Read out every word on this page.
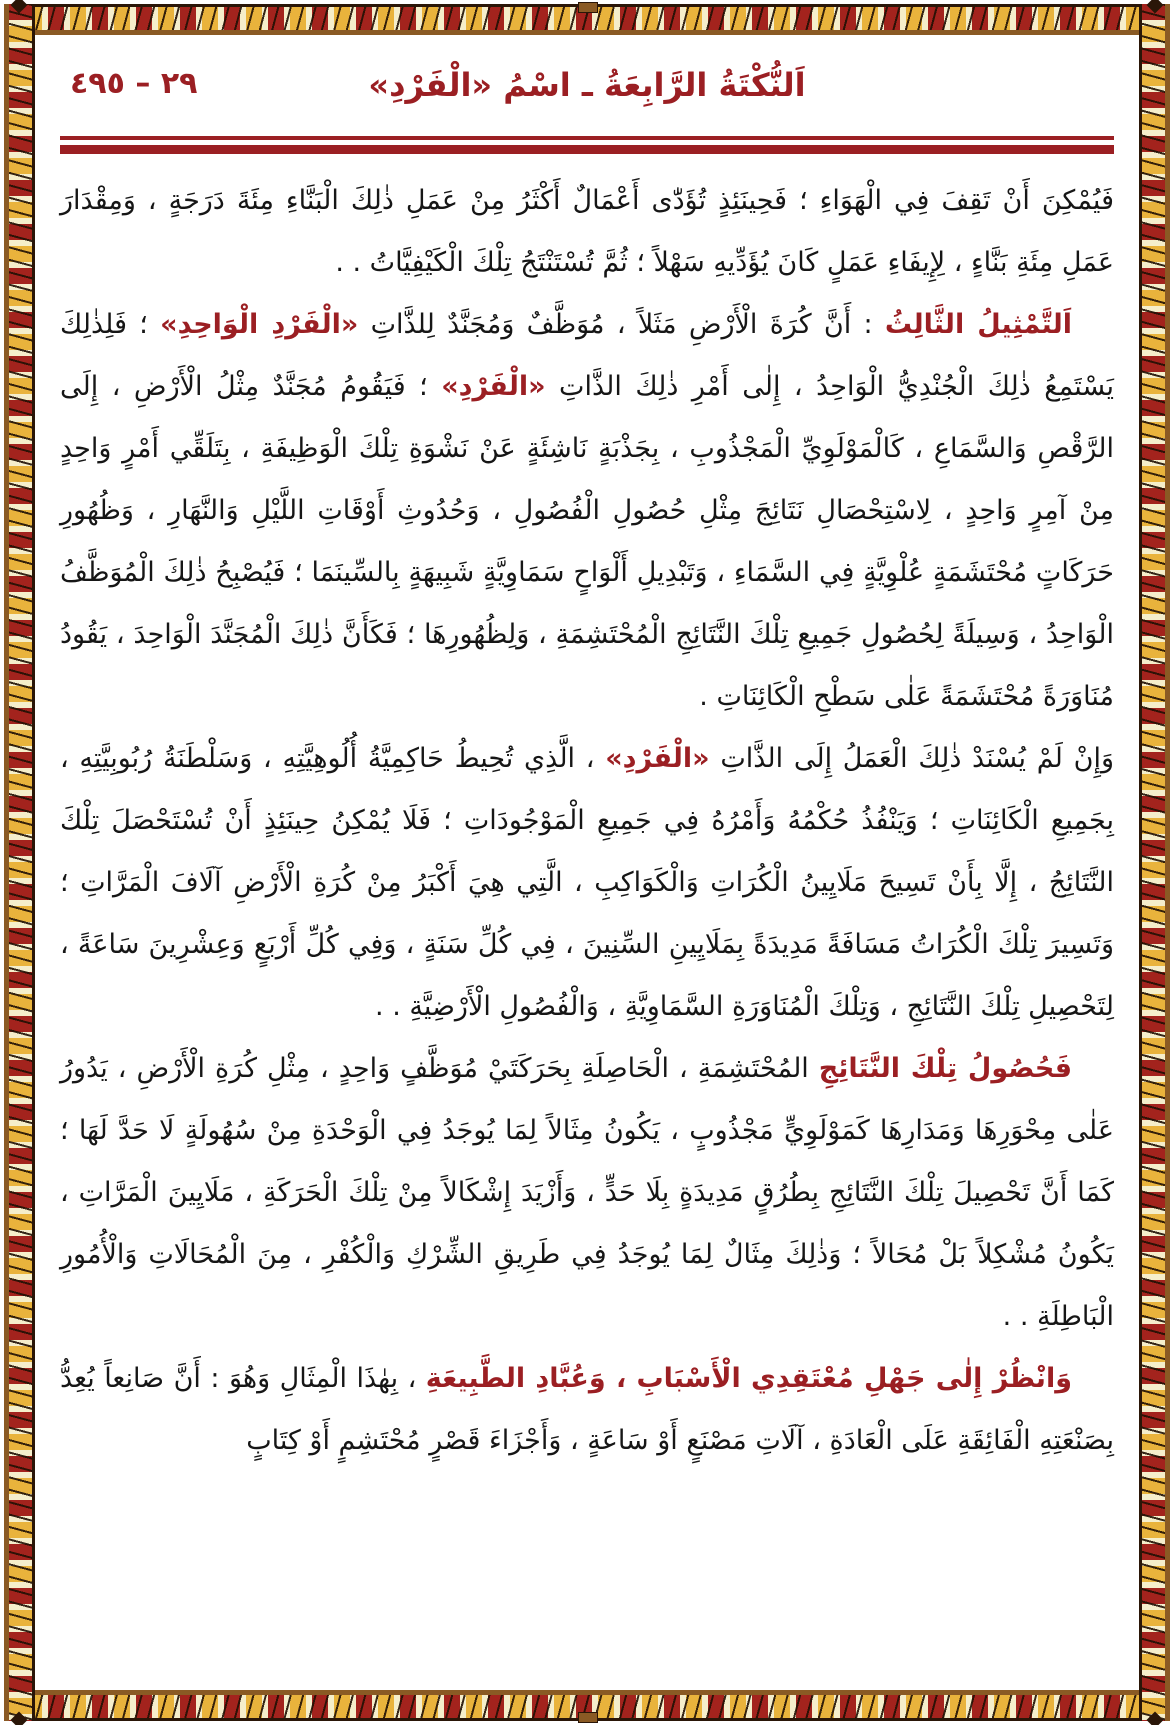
٢٩ – ٤٩٥	اَلنُّكْتَةُ الرَّابِعَةُ ـ اسْمُ «الْفَرْدِ»

فَيُمْكِنَ أَنْ تَقِفَ فِي الْهَوَاءِ ؛ فَحِينَئِذٍ تُؤَدّٰى أَعْمَالٌ أَكْثَرُ مِنْ عَمَلِ ذٰلِكَ الْبَنَّاءِ مِئَةَ دَرَجَةٍ ، وَمِقْدَارَ عَمَلِ مِئَةِ بَنَّاءٍ ، لِإِيفَاءِ عَمَلٍ كَانَ يُؤَدِّيهِ سَهْلاً ؛ ثُمَّ تُسْتَنْتَجُ تِلْكَ الْكَيْفِيَّاتُ . .

اَلتَّمْثِيلُ الثَّالِثُ : أَنَّ كُرَةَ الْأَرْضِ مَثَلاً ، مُوَظَّفٌ وَمُجَنَّدٌ لِلذَّاتِ «الْفَرْدِ الْوَاحِدِ» ؛ فَلِذٰلِكَ يَسْتَمِعُ ذٰلِكَ الْجُنْدِيُّ الْوَاحِدُ ، إِلٰى أَمْرِ ذٰلِكَ الذَّاتِ «الْفَرْدِ» ؛ فَيَقُومُ مُجَنَّدٌ مِثْلُ الْأَرْضِ ، إِلَى الرَّقْصِ وَالسَّمَاعِ ، كَالْمَوْلَوِيِّ الْمَجْذُوبِ ، بِجَذْبَةٍ نَاشِئَةٍ عَنْ نَشْوَةِ تِلْكَ الْوَظِيفَةِ ، بِتَلَقِّي أَمْرٍ وَاحِدٍ مِنْ آمِرٍ وَاحِدٍ ، لِاسْتِحْصَالِ نَتَائِجَ مِثْلِ حُصُولِ الْفُصُولِ ، وَحُدُوثِ أَوْقَاتِ اللَّيْلِ وَالنَّهَارِ ، وَظُهُورِ حَرَكَاتٍ مُحْتَشَمَةٍ عُلْوِيَّةٍ فِي السَّمَاءِ ، وَتَبْدِيلِ أَلْوَاحٍ سَمَاوِيَّةٍ شَبِيهَةٍ بِالسِّينَمَا ؛ فَيُصْبِحُ ذٰلِكَ الْمُوَظَّفُ الْوَاحِدُ ، وَسِيلَةً لِحُصُولِ جَمِيعِ تِلْكَ النَّتَائِجِ الْمُحْتَشِمَةِ ، وَلِظُهُورِهَا ؛ فَكَأَنَّ ذٰلِكَ الْمُجَنَّدَ الْوَاحِدَ ، يَقُودُ مُنَاوَرَةً مُحْتَشَمَةً عَلٰى سَطْحِ الْكَائِنَاتِ .

وَإِنْ لَمْ يُسْنَدْ ذٰلِكَ الْعَمَلُ إِلَى الذَّاتِ «الْفَرْدِ» ، الَّذِي تُحِيطُ حَاكِمِيَّةُ أُلُوهِيَّتِهِ ، وَسَلْطَنَةُ رُبُوبِيَّتِهِ ، بِجَمِيعِ الْكَائِنَاتِ ؛ وَيَنْفُذُ حُكْمُهُ وَأَمْرُهُ فِي جَمِيعِ الْمَوْجُودَاتِ ؛ فَلَا يُمْكِنُ حِينَئِذٍ أَنْ تُسْتَحْصَلَ تِلْكَ النَّتَائِجُ ، إِلَّا بِأَنْ تَسِيحَ مَلَايِينُ الْكُرَاتِ وَالْكَوَاكِبِ ، الَّتِي هِيَ أَكْبَرُ مِنْ كُرَةِ الْأَرْضِ آلَافَ الْمَرَّاتِ ؛ وَتَسِيرَ تِلْكَ الْكُرَاتُ مَسَافَةً مَدِيدَةً بِمَلَايِينِ السِّنِينَ ، فِي كُلِّ سَنَةٍ ، وَفِي كُلِّ أَرْبَعٍ وَعِشْرِينَ سَاعَةً ، لِتَحْصِيلِ تِلْكَ النَّتَائِجِ ، وَتِلْكَ الْمُنَاوَرَةِ السَّمَاوِيَّةِ ، وَالْفُصُولِ الْأَرْضِيَّةِ . .

فَحُصُولُ تِلْكَ النَّتَائِجِ المُحْتَشِمَةِ ، الْحَاصِلَةِ بِحَرَكَتَيْ مُوَظَّفٍ وَاحِدٍ ، مِثْلِ كُرَةِ الْأَرْضِ ، يَدُورُ عَلٰى مِحْوَرِهَا وَمَدَارِهَا كَمَوْلَوِيٍّ مَجْذُوبٍ ، يَكُونُ مِثَالاً لِمَا يُوجَدُ فِي الْوَحْدَةِ مِنْ سُهُولَةٍ لَا حَدَّ لَهَا ؛ كَمَا أَنَّ تَحْصِيلَ تِلْكَ النَّتَائِجِ بِطُرُقٍ مَدِيدَةٍ بِلَا حَدٍّ ، وَأَزْيَدَ إِشْكَالاً مِنْ تِلْكَ الْحَرَكَةِ ، مَلَايِينَ الْمَرَّاتِ ، يَكُونُ مُشْكِلاً بَلْ مُحَالاً ؛ وَذٰلِكَ مِثَالٌ لِمَا يُوجَدُ فِي طَرِيقِ الشِّرْكِ وَالْكُفْرِ ، مِنَ الْمُحَالَاتِ وَالْأُمُورِ الْبَاطِلَةِ . .

وَانْظُرْ إِلٰى جَهْلِ مُعْتَقِدِي الْأَسْبَابِ ، وَعُبَّادِ الطَّبِيعَةِ ، بِهٰذَا الْمِثَالِ وَهُوَ : أَنَّ صَانِعاً يُعِدُّ بِصَنْعَتِهِ الْفَائِقَةِ عَلَى الْعَادَةِ ، آلَاتِ مَصْنَعٍ أَوْ سَاعَةٍ ، وَأَجْزَاءَ قَصْرٍ مُحْتَشِمٍ أَوْ كِتَابٍ
